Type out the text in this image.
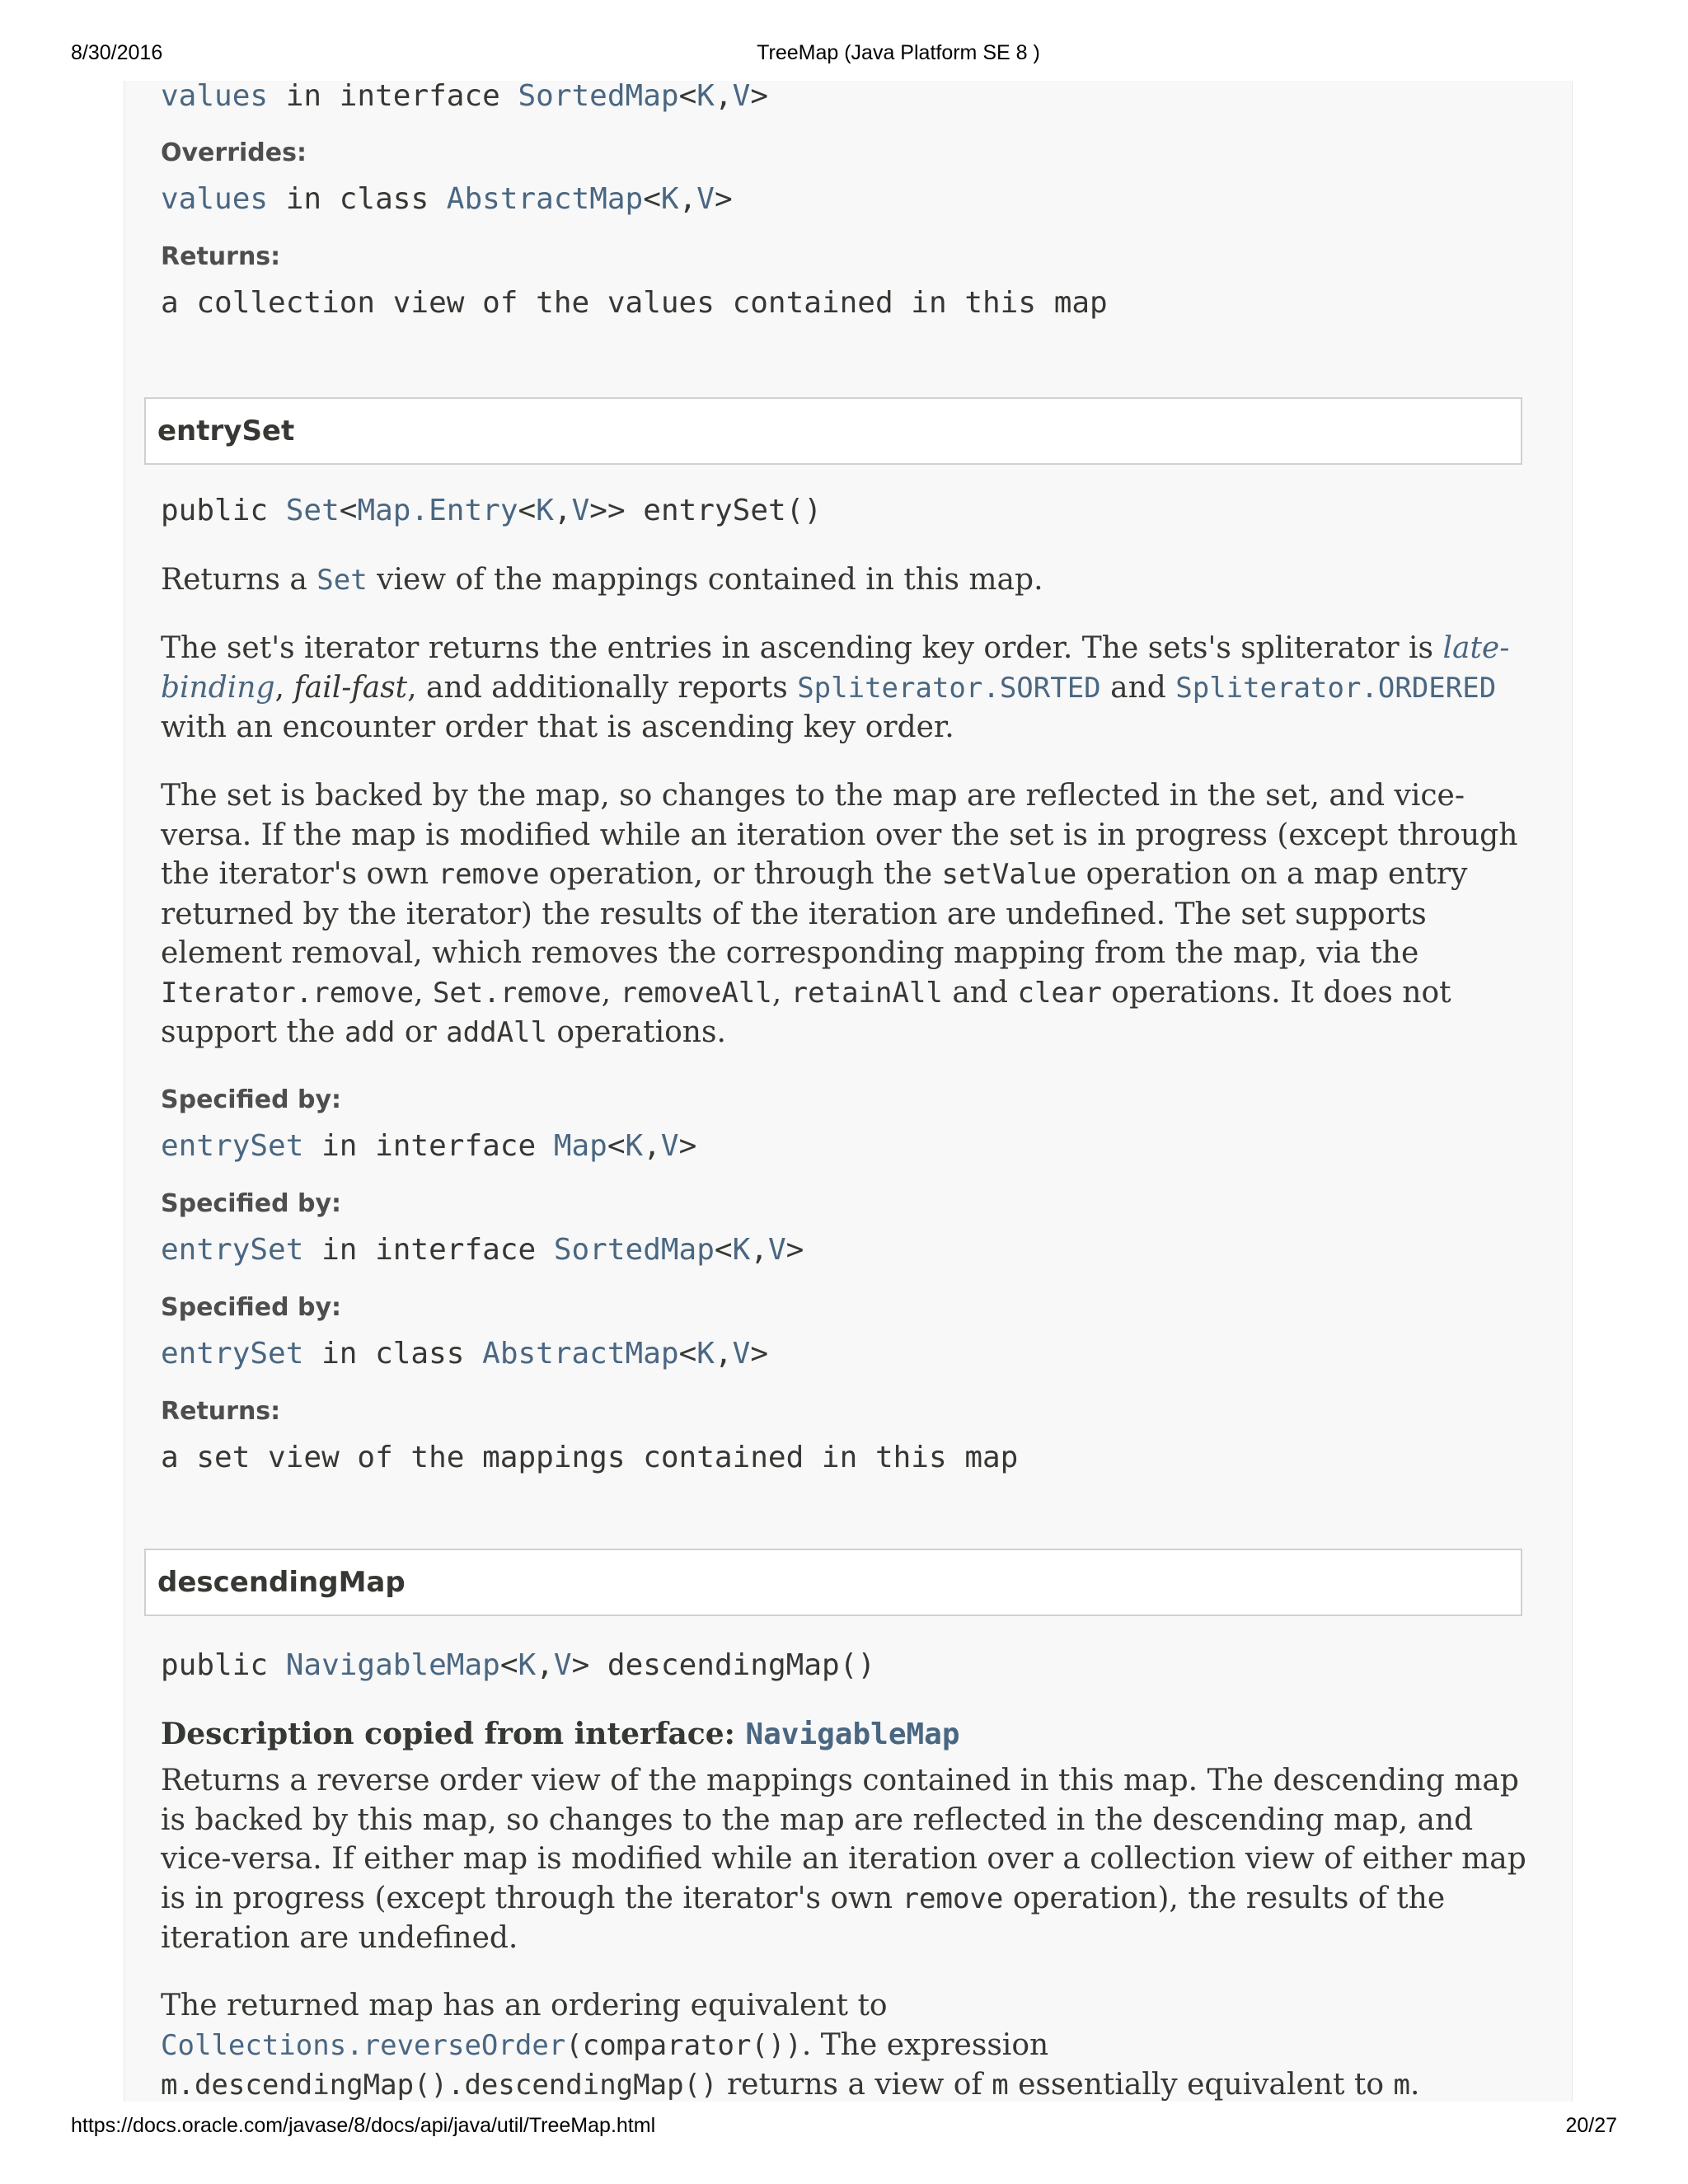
8/30/2016	TreeMap (Java Platform SE 8 )
values in interface SortedMap<K,V>
Overrides:
values in class AbstractMap<K,V>
Returns:
a collection view of the values contained in this map
entrySet
public Set<Map.Entry<K,V>> entrySet()
Returns a Set view of the mappings contained in this map.
The set's iterator returns the entries in ascending key order. The sets's spliterator is late-
binding, fail-fast, and additionally reports Spliterator.SORTED and Spliterator.ORDERED
with an encounter order that is ascending key order.
The set is backed by the map, so changes to the map are reflected in the set, and vice-
versa. If the map is modified while an iteration over the set is in progress (except through
the iterator's own remove operation, or through the setValue operation on a map entry
returned by the iterator) the results of the iteration are undefined. The set supports
element removal, which removes the corresponding mapping from the map, via the
Iterator.remove, Set.remove, removeAll, retainAll and clear operations. It does not
support the add or addAll operations.
Specified by:
entrySet in interface Map<K,V>
Specified by:
entrySet in interface SortedMap<K,V>
Specified by:
entrySet in class AbstractMap<K,V>
Returns:
a set view of the mappings contained in this map
descendingMap
public NavigableMap<K,V> descendingMap()
Description copied from interface: NavigableMap
Returns a reverse order view of the mappings contained in this map. The descending map
is backed by this map, so changes to the map are reflected in the descending map, and
vice-versa. If either map is modified while an iteration over a collection view of either map
is in progress (except through the iterator's own remove operation), the results of the
iteration are undefined.
The returned map has an ordering equivalent to
Collections.reverseOrder(comparator()). The expression
m.descendingMap().descendingMap() returns a view of m essentially equivalent to m.
https://docs.oracle.com/javase/8/docs/api/java/util/TreeMap.html	20/27
